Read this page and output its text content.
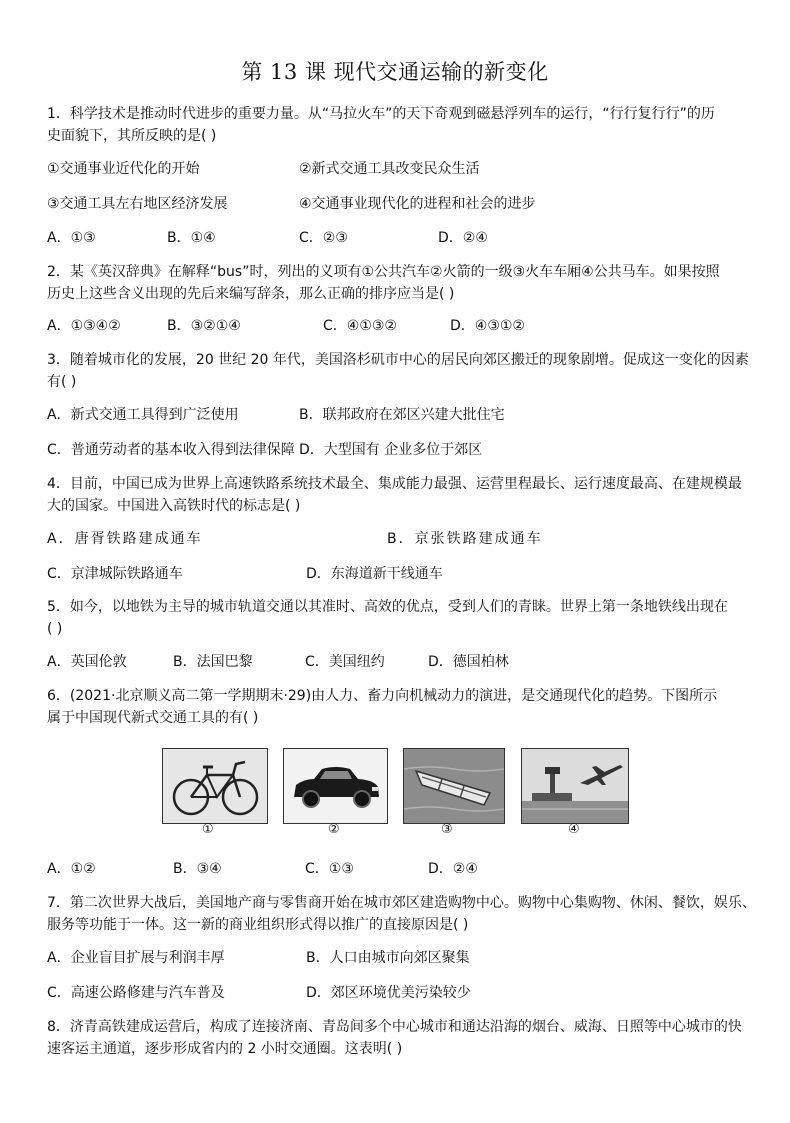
第 13 课 现代交通运输的新变化
1．科学技术是推动时代进步的重要力量。从“马拉火车”的天下奇观到磁悬浮列车的运行，“行行复行行”的历
史面貌下，其所反映的是( )
①交通事业近代化的开始	②新式交通工具改变民众生活
③交通工具左右地区经济发展	④交通事业现代化的进程和社会的进步
A．①③	B．①④	C．②③	D．②④
2．某《英汉辞典》在解释“bus”时，列出的义项有①公共汽车②火箭的一级③火车车厢④公共马车。如果按照
历史上这些含义出现的先后来编写辞条，那么正确的排序应当是( )
A．①③④②	B．③②①④	C．④①③②	D．④③①②
3．随着城市化的发展，20 世纪 20 年代，美国洛杉矶市中心的居民向郊区搬迁的现象剧增。促成这一变化的因素
有( )
A．新式交通工具得到广泛使用	B．联邦政府在郊区兴建大批住宅
C．普通劳动者的基本收入得到法律保障 D．大型国有 企业多位于郊区
4．目前，中国已成为世界上高速铁路系统技术最全、集成能力最强、运营里程最长、运行速度最高、在建规模最
大的国家。中国进入高铁时代的标志是( )
A．唐胥铁路建成通车	B．京张铁路建成通车
C．京津城际铁路通车	D．东海道新干线通车
5．如今，以地铁为主导的城市轨道交通以其准时、高效的优点，受到人们的青睐。世界上第一条地铁线出现在
( )
A．英国伦敦	B．法国巴黎	C．美国纽约	D．德国柏林
6．(2021·北京顺义高二第一学期期末·29)由人力、畜力向机械动力的演进，是交通现代化的趋势。下图所示
属于中国现代新式交通工具的有( )
①	②	③	④
A．①②	B．③④	C．①③	D．②④
7．第二次世界大战后，美国地产商与零售商开始在城市郊区建造购物中心。购物中心集购物、休闲、餐饮，娱乐、
服务等功能于一体。这一新的商业组织形式得以推广的直接原因是( )
A．企业盲目扩展与利润丰厚	B．人口由城市向郊区聚集
C．高速公路修建与汽车普及	D．郊区环境优美污染较少
8．济青高铁建成运营后，构成了连接济南、青岛间多个中心城市和通达沿海的烟台、威海、日照等中心城市的快
速客运主通道，逐步形成省内的 2 小时交通圈。这表明( )
